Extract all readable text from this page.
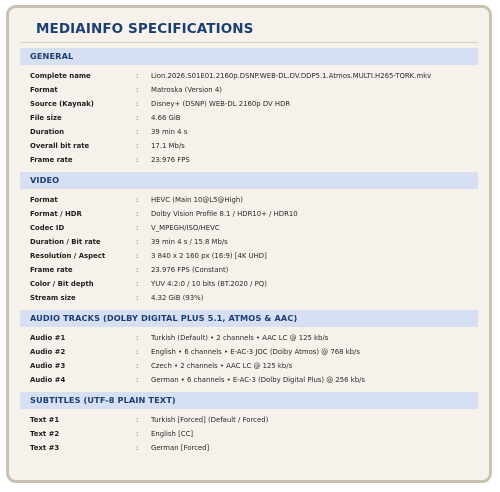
MEDIAINFO SPECIFICATIONS
GENERAL
Complete name	:	Lion.2026.S01E01.2160p.DSNP.WEB-DL.DV.DDP5.1.Atmos.MULTI.H265-TORK.mkv
Format	:	Matroska (Version 4)
Source (Kaynak)	:	Disney+ (DSNP) WEB-DL 2160p DV HDR
File size	:	4.66 GiB
Duration	:	39 min 4 s
Overall bit rate	:	17.1 Mb/s
Frame rate	:	23.976 FPS
VIDEO
Format	:	HEVC (Main 10@L5@High)
Format / HDR	:	Dolby Vision Profile 8.1 / HDR10+ / HDR10
Codec ID	:	V_MPEGH/ISO/HEVC
Duration / Bit rate	:	39 min 4 s / 15.8 Mb/s
Resolution / Aspect	:	3 840 x 2 160 px (16:9) [4K UHD]
Frame rate	:	23.976 FPS (Constant)
Color / Bit depth	:	YUV 4:2:0 / 10 bits (BT.2020 / PQ)
Stream size	:	4.32 GiB (93%)
AUDIO TRACKS (DOLBY DIGITAL PLUS 5.1, ATMOS & AAC)
Audio #1	:	Turkish (Default) • 2 channels • AAC LC @ 125 kb/s
Audio #2	:	English • 6 channels • E-AC-3 JOC (Dolby Atmos) @ 768 kb/s
Audio #3	:	Czech • 2 channels • AAC LC @ 125 kb/s
Audio #4	:	German • 6 channels • E-AC-3 (Dolby Digital Plus) @ 256 kb/s
SUBTITLES (UTF-8 PLAIN TEXT)
Text #1	:	Turkish [Forced] (Default / Forced)
Text #2	:	English [CC]
Text #3	:	German [Forced]
